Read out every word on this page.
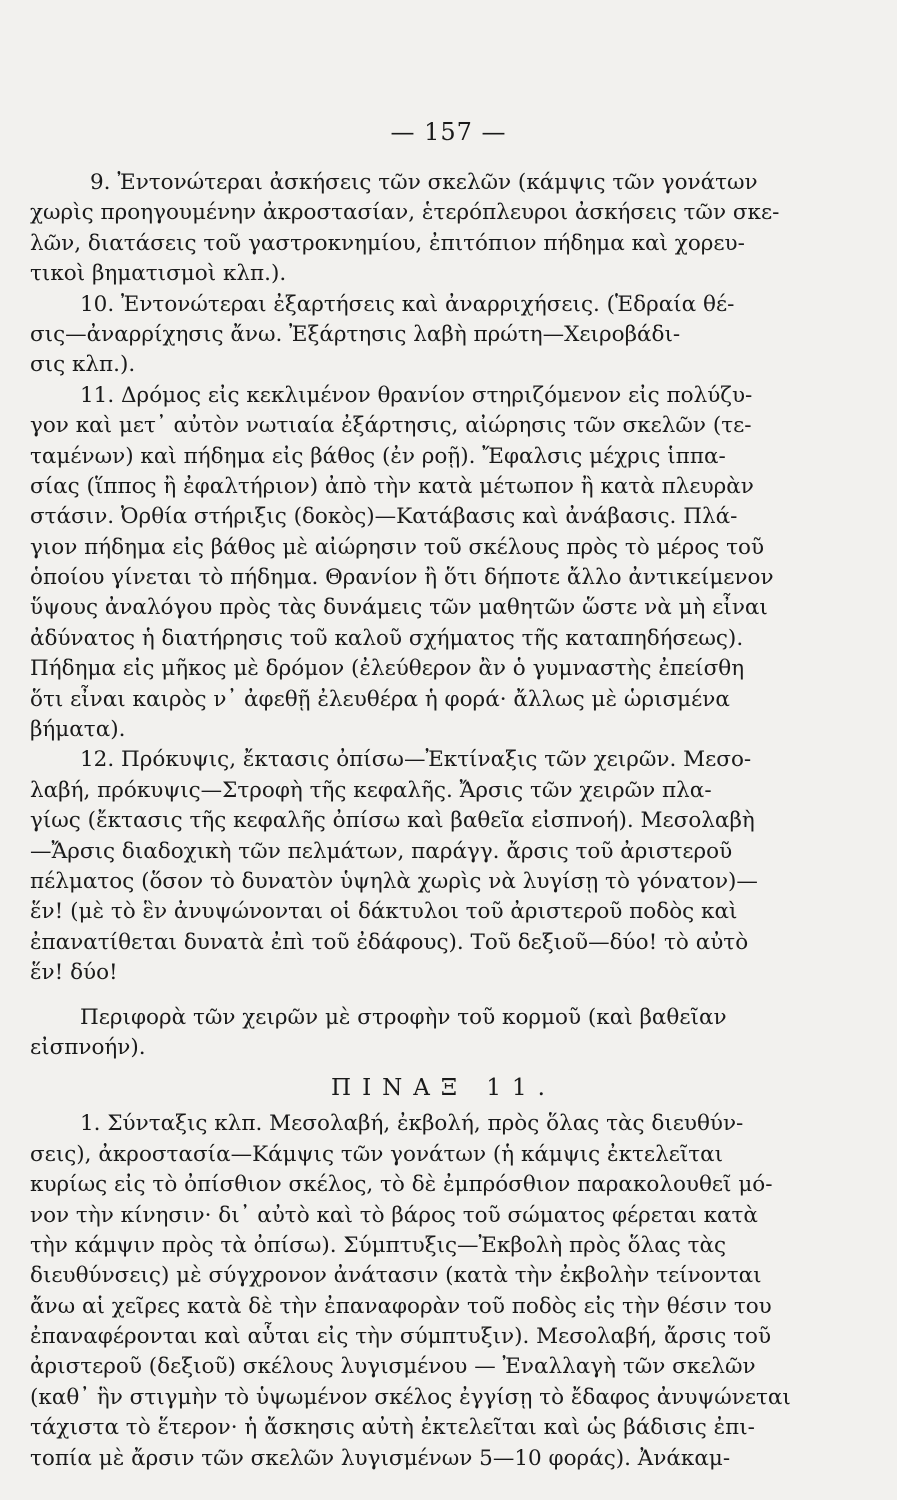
— 157 —
9. Ἐντονώτεραι ἀσκήσεις τῶν σκελῶν (κάμψις τῶν γονάτων
χωρὶς προηγουμένην ἀκροστασίαν, ἑτερόπλευροι ἀσκήσεις τῶν σκε-
λῶν, διατάσεις τοῦ γαστροκνημίου, ἐπιτόπιον πήδημα καὶ χορευ-
τικοὶ βηματισμοὶ κλπ.).
10. Ἐντονώτεραι ἐξαρτήσεις καὶ ἀναρριχήσεις. (Ἑδραία θέ-
σις—ἀναρρίχησις ἄνω. Ἐξάρτησις λαβὴ πρώτη—Χειροβάδι-
σις κλπ.).
11. Δρόμος εἰς κεκλιμένον θρανίον στηριζόμενον εἰς πολύζυ-
γον καὶ μετ᾽ αὐτὸν νωτιαία ἐξάρτησις, αἰώρησις τῶν σκελῶν (τε-
ταμένων) καὶ πήδημα εἰς βάθος (ἐν ροῇ). Ἔφαλσις μέχρις ἱππα-
σίας (ἵππος ἢ ἐφαλτήριον) ἀπὸ τὴν κατὰ μέτωπον ἢ κατὰ πλευρὰν
στάσιν. Ὀρθία στήριξις (δοκὸς)—Κατάβασις καὶ ἀνάβασις. Πλά-
γιον πήδημα εἰς βάθος μὲ αἰώρησιν τοῦ σκέλους πρὸς τὸ μέρος τοῦ
ὁποίου γίνεται τὸ πήδημα. Θρανίον ἢ ὅτι δήποτε ἄλλο ἀντικείμενον
ὕψους ἀναλόγου πρὸς τὰς δυνάμεις τῶν μαθητῶν ὥστε νὰ μὴ εἶναι
ἀδύνατος ἡ διατήρησις τοῦ καλοῦ σχήματος τῆς καταπηδήσεως).
Πήδημα εἰς μῆκος μὲ δρόμον (ἐλεύθερον ἂν ὁ γυμναστὴς ἐπείσθη
ὅτι εἶναι καιρὸς ν᾽ ἀφεθῇ ἐλευθέρα ἡ φορά· ἄλλως μὲ ὡρισμένα
βήματα).
12. Πρόκυψις, ἔκτασις ὀπίσω—Ἐκτίναξις τῶν χειρῶν. Μεσο-
λαβή, πρόκυψις—Στροφὴ τῆς κεφαλῆς. Ἄρσις τῶν χειρῶν πλα-
γίως (ἔκτασις τῆς κεφαλῆς ὀπίσω καὶ βαθεῖα εἰσπνοή). Μεσολαβὴ
—Ἄρσις διαδοχικὴ τῶν πελμάτων, παράγγ. ἄρσις τοῦ ἀριστεροῦ
πέλματος (ὅσον τὸ δυνατὸν ὑψηλὰ χωρὶς νὰ λυγίσῃ τὸ γόνατον)—
ἕν! (μὲ τὸ ἓν ἀνυψώνονται οἱ δάκτυλοι τοῦ ἀριστεροῦ ποδὸς καὶ
ἐπανατίθεται δυνατὰ ἐπὶ τοῦ ἐδάφους). Τοῦ δεξιοῦ—δύο! τὸ αὐτὸ
ἕν! δύο!
Περιφορὰ τῶν χειρῶν μὲ στροφὴν τοῦ κορμοῦ (καὶ βαθεῖαν
εἰσπνοήν).
ΠΙΝΑΞ 11.
1. Σύνταξις κλπ. Μεσολαβή, ἐκβολή, πρὸς ὅλας τὰς διευθύν-
σεις), ἀκροστασία—Κάμψις τῶν γονάτων (ἡ κάμψις ἐκτελεῖται
κυρίως εἰς τὸ ὀπίσθιον σκέλος, τὸ δὲ ἐμπρόσθιον παρακολουθεῖ μό-
νον τὴν κίνησιν· δι᾽ αὐτὸ καὶ τὸ βάρος τοῦ σώματος φέρεται κατὰ
τὴν κάμψιν πρὸς τὰ ὀπίσω). Σύμπτυξις—Ἐκβολὴ πρὸς ὅλας τὰς
διευθύνσεις) μὲ σύγχρονον ἀνάτασιν (κατὰ τὴν ἐκβολὴν τείνονται
ἄνω αἱ χεῖρες κατὰ δὲ τὴν ἐπαναφορὰν τοῦ ποδὸς εἰς τὴν θέσιν του
ἐπαναφέρονται καὶ αὗται εἰς τὴν σύμπτυξιν). Μεσολαβή, ἄρσις τοῦ
ἀριστεροῦ (δεξιοῦ) σκέλους λυγισμένου — Ἐναλλαγὴ τῶν σκελῶν
(καθ᾽ ἣν στιγμὴν τὸ ὑψωμένον σκέλος ἐγγίσῃ τὸ ἔδαφος ἀνυψώνεται
τάχιστα τὸ ἕτερον· ἡ ἄσκησις αὐτὴ ἐκτελεῖται καὶ ὡς βάδισις ἐπι-
τοπία μὲ ἄρσιν τῶν σκελῶν λυγισμένων 5—10 φοράς). Ἀνάκαμ-
